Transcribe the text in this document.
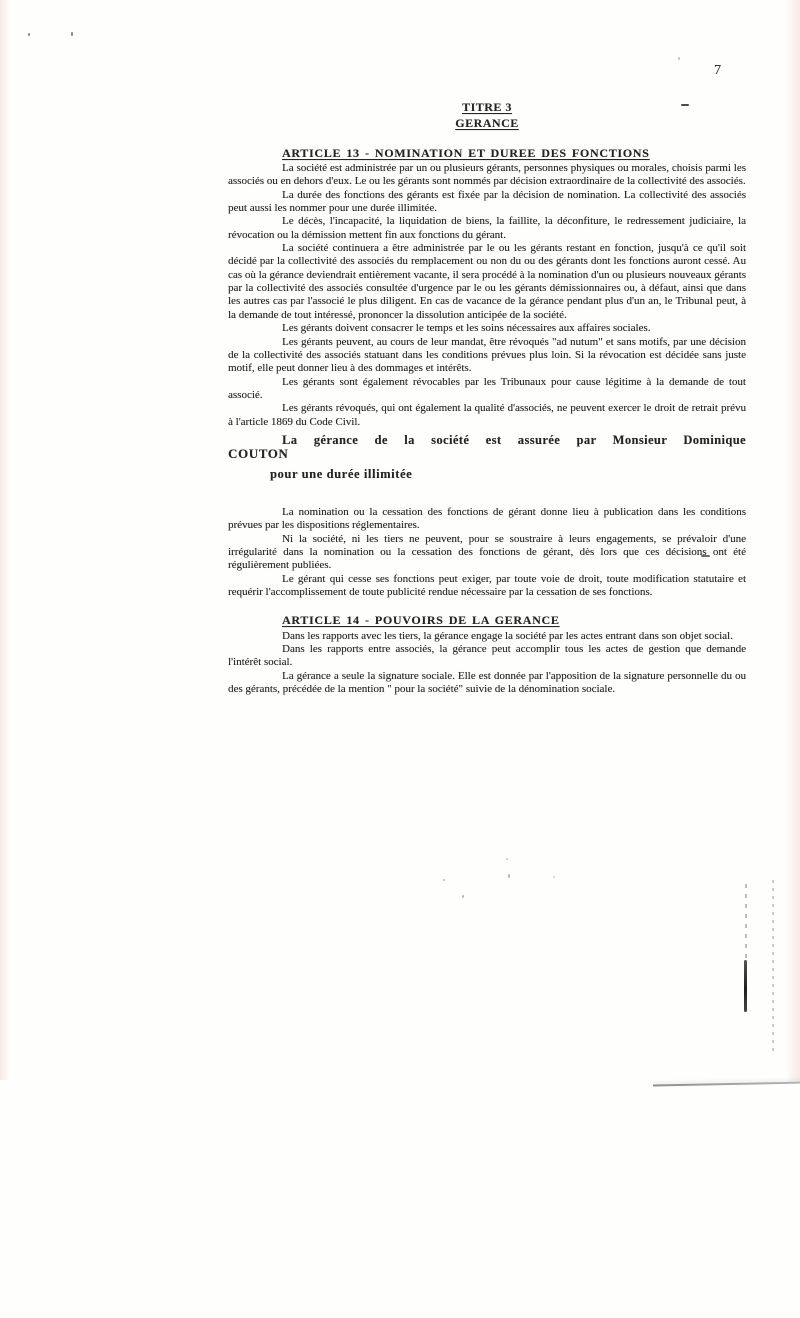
7
TITRE 3
GERANCE

ARTICLE 13 - NOMINATION ET DUREE DES FONCTIONS

La société est administrée par un ou plusieurs gérants, personnes physiques ou morales, choisis parmi les associés ou en dehors d'eux. Le ou les gérants sont nommés par décision extraordinaire de la collectivité des associés.

La durée des fonctions des gérants est fixée par la décision de nomination. La collectivité des associés peut aussi les nommer pour une durée illimitée.

Le décès, l'incapacité, la liquidation de biens, la faillite, la déconfiture, le redressement judiciaire, la révocation ou la démission mettent fin aux fonctions du gérant.

La société continuera a être administrée par le ou les gérants restant en fonction, jusqu'à ce qu'il soit décidé par la collectivité des associés du remplacement ou non du ou des gérants dont les fonctions auront cessé. Au cas où la gérance deviendrait entièrement vacante, il sera procédé à la nomination d'un ou plusieurs nouveaux gérants par la collectivité des associés consultée d'urgence par le ou les gérants démissionnaires ou, à défaut, ainsi que dans les autres cas par l'associé le plus diligent. En cas de vacance de la gérance pendant plus d'un an, le Tribunal peut, à la demande de tout intéressé, prononcer la dissolution anticipée de la société.

Les gérants doivent consacrer le temps et les soins nécessaires aux affaires sociales.

Les gérants peuvent, au cours de leur mandat, être révoqués "ad nutum" et sans motifs, par une décision de la collectivité des associés statuant dans les conditions prévues plus loin. Si la révocation est décidée sans juste motif, elle peut donner lieu à des dommages et intérêts.

Les gérants sont également révocables par les Tribunaux pour cause légitime à la demande de tout associé.

Les gérants révoqués, qui ont également la qualité d'associés, ne peuvent exercer le droit de retrait prévu à l'article 1869 du Code Civil.

La gérance de la société est assurée par Monsieur Dominique

COUTON

pour une durée illimitée

La nomination ou la cessation des fonctions de gérant donne lieu à publication dans les conditions prévues par les dispositions réglementaires.

Ni la société, ni les tiers ne peuvent, pour se soustraire à leurs engagements, se prévaloir d'une irrégularité dans la nomination ou la cessation des fonctions de gérant, dès lors que ces décisions ont été régulièrement publiées.

Le gérant qui cesse ses fonctions peut exiger, par toute voie de droit, toute modification statutaire et requérir l'accomplissement de toute publicité rendue nécessaire par la cessation de ses fonctions.

ARTICLE 14 - POUVOIRS DE LA GERANCE

Dans les rapports avec les tiers, la gérance engage la société par les actes entrant dans son objet social.

Dans les rapports entre associés, la gérance peut accomplir tous les actes de gestion que demande l'intérêt social.

La gérance a seule la signature sociale. Elle est donnée par l'apposition de la signature personnelle du ou des gérants, précédée de la mention " pour la société" suivie de la dénomination sociale.
